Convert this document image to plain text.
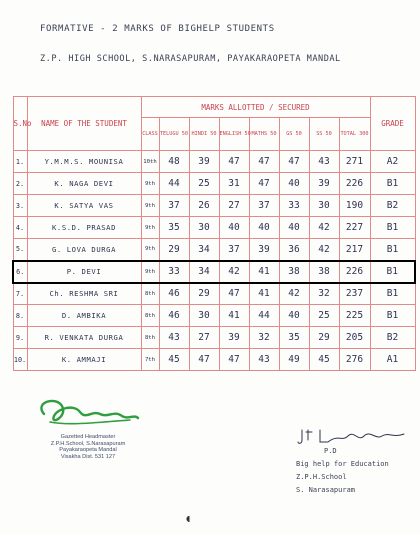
FORMATIVE - 2 MARKS OF BIGHELP STUDENTS
Z.P. HIGH SCHOOL, S.NARASAPURAM, PAYAKARAOPETA MANDAL
S.No	NAME OF THE STUDENT	MARKS ALLOTTED / SECURED								GRADE
		CLASS	TELUGU 50	HINDI 50	ENGLISH 50	MATHS 50	GS 50	SS 50	TOTAL 300	
1.	Y.M.M.S. MOUNISA	10th	48	39	47	47	47	43	271	A2
2.	K. NAGA DEVI	9th	44	25	31	47	40	39	226	B1
3.	K. SATYA VAS	9th	37	26	27	37	33	30	190	B2
4.	K.S.D. PRASAD	9th	35	30	40	40	40	42	227	B1
5.	G. LOVA DURGA	9th	29	34	37	39	36	42	217	B1
6.	P. DEVI	9th	33	34	42	41	38	38	226	B1
7.	Ch. RESHMA SRI	8th	46	29	47	41	42	32	237	B1
8.	D. AMBIKA	8th	46	30	41	44	40	25	225	B1
9.	R. VENKATA DURGA	8th	43	27	39	32	35	29	205	B2
10.	K. AMMAJI	7th	45	47	47	43	49	45	276	A1
Gazetted Headmaster
Z.P.H.School, S.Narasapuram
Payakaraopeta Mandal
Visakha Dist. 531 127
P.D
Big help for Education
Z.P.H.School
S. Narasapuram
◖
